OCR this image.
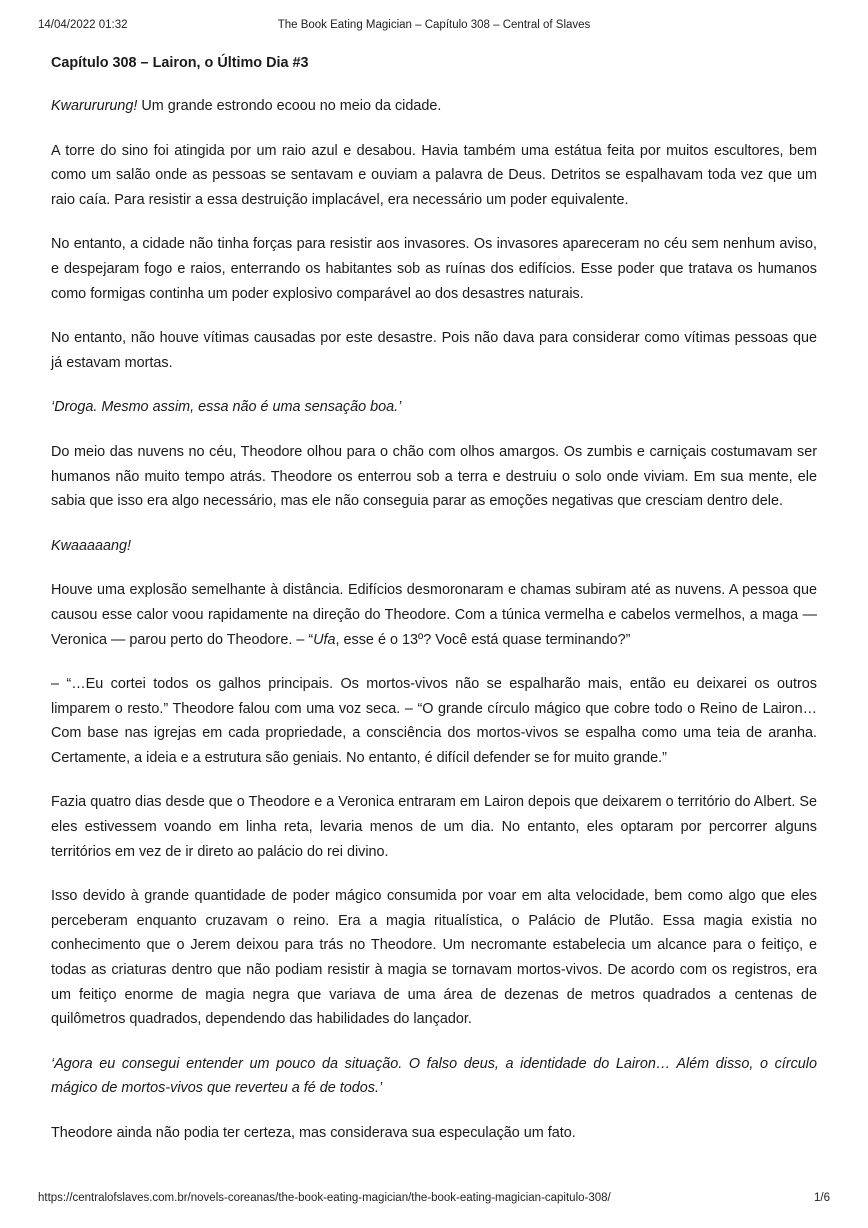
14/04/2022 01:32	The Book Eating Magician – Capítulo 308 – Central of Slaves
Capítulo 308 – Lairon, o Último Dia #3

Kwarururung! Um grande estrondo ecoou no meio da cidade.

A torre do sino foi atingida por um raio azul e desabou. Havia também uma estátua feita por muitos escultores, bem como um salão onde as pessoas se sentavam e ouviam a palavra de Deus. Detritos se espalhavam toda vez que um raio caía. Para resistir a essa destruição implacável, era necessário um poder equivalente.

No entanto, a cidade não tinha forças para resistir aos invasores. Os invasores apareceram no céu sem nenhum aviso, e despejaram fogo e raios, enterrando os habitantes sob as ruínas dos edifícios. Esse poder que tratava os humanos como formigas continha um poder explosivo comparável ao dos desastres naturais.

No entanto, não houve vítimas causadas por este desastre. Pois não dava para considerar como vítimas pessoas que já estavam mortas.

‘Droga. Mesmo assim, essa não é uma sensação boa.’

Do meio das nuvens no céu, Theodore olhou para o chão com olhos amargos. Os zumbis e carniçais costumavam ser humanos não muito tempo atrás. Theodore os enterrou sob a terra e destruiu o solo onde viviam. Em sua mente, ele sabia que isso era algo necessário, mas ele não conseguia parar as emoções negativas que cresciam dentro dele.

Kwaaaaang!

Houve uma explosão semelhante à distância. Edifícios desmoronaram e chamas subiram até as nuvens. A pessoa que causou esse calor voou rapidamente na direção do Theodore. Com a túnica vermelha e cabelos vermelhos, a maga — Veronica — parou perto do Theodore. – “Ufa, esse é o 13º? Você está quase terminando?”

– “…Eu cortei todos os galhos principais. Os mortos-vivos não se espalharão mais, então eu deixarei os outros limparem o resto.” Theodore falou com uma voz seca. – “O grande círculo mágico que cobre todo o Reino de Lairon… Com base nas igrejas em cada propriedade, a consciência dos mortos-vivos se espalha como uma teia de aranha. Certamente, a ideia e a estrutura são geniais. No entanto, é difícil defender se for muito grande.”

Fazia quatro dias desde que o Theodore e a Veronica entraram em Lairon depois que deixarem o território do Albert. Se eles estivessem voando em linha reta, levaria menos de um dia. No entanto, eles optaram por percorrer alguns territórios em vez de ir direto ao palácio do rei divino.

Isso devido à grande quantidade de poder mágico consumida por voar em alta velocidade, bem como algo que eles perceberam enquanto cruzavam o reino. Era a magia ritualística, o Palácio de Plutão. Essa magia existia no conhecimento que o Jerem deixou para trás no Theodore. Um necromante estabelecia um alcance para o feitiço, e todas as criaturas dentro que não podiam resistir à magia se tornavam mortos-vivos. De acordo com os registros, era um feitiço enorme de magia negra que variava de uma área de dezenas de metros quadrados a centenas de quilômetros quadrados, dependendo das habilidades do lançador.

‘Agora eu consegui entender um pouco da situação. O falso deus, a identidade do Lairon… Além disso, o círculo mágico de mortos-vivos que reverteu a fé de todos.’

Theodore ainda não podia ter certeza, mas considerava sua especulação um fato.

https://centralofslaves.com.br/novels-coreanas/the-book-eating-magician/the-book-eating-magician-capitulo-308/	1/6
